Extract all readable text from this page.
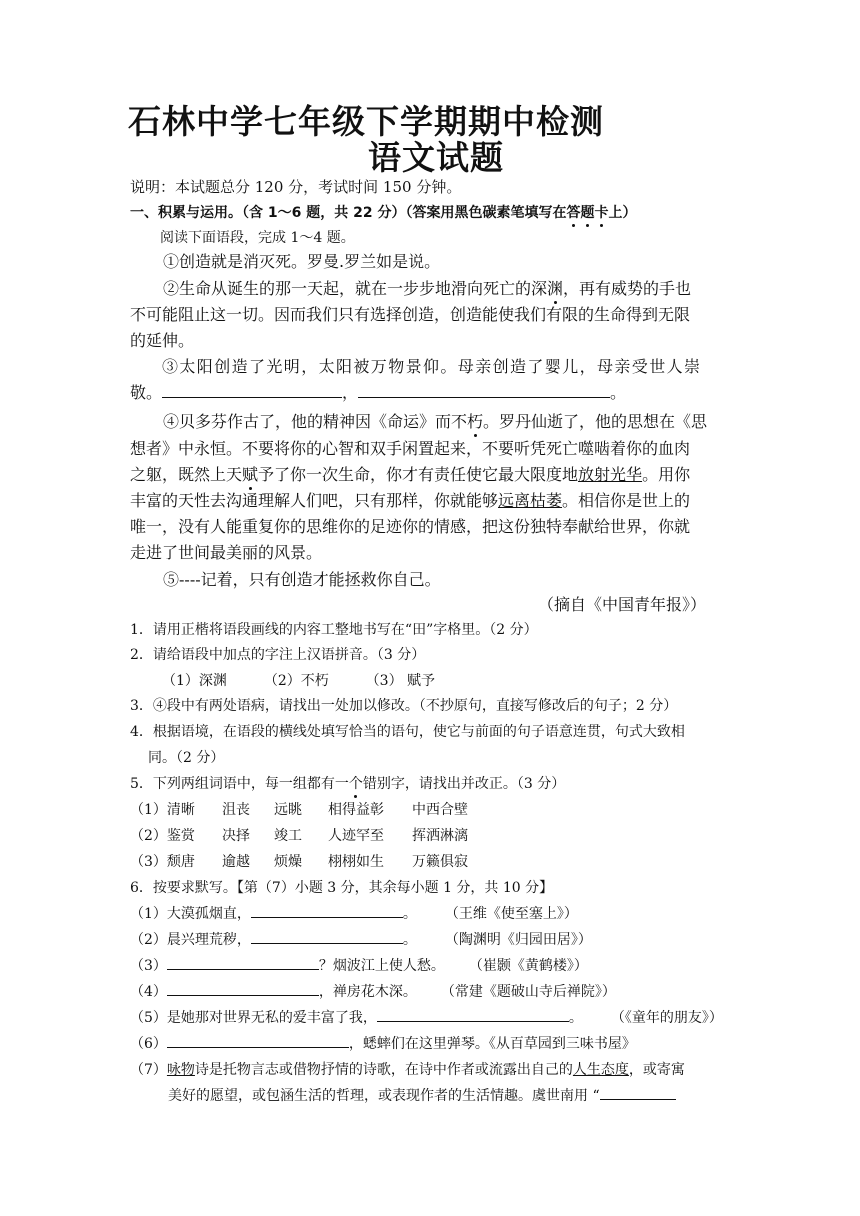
石林中学七年级下学期期中检测
语文试题
说明：本试题总分 120 分，考试时间 150 分钟。
一、积累与运用。（含 1～6 题，共 22 分）（答案用黑色碳素笔填写在答题卡上）
阅读下面语段，完成 1～4 题。
①创造就是消灭死。罗曼.罗兰如是说。
②生命从诞生的那一天起，就在一步步地滑向死亡的深渊，再有威势的手也
不可能阻止这一切。因而我们只有选择创造，创造能使我们有限的生命得到无限
的延伸。
③太阳创造了光明，太阳被万物景仰。母亲创造了婴儿，母亲受世人崇
敬。	，	。
④贝多芬作古了，他的精神因《命运》而不朽。罗丹仙逝了，他的思想在《思
想者》中永恒。不要将你的心智和双手闲置起来，不要听凭死亡噬啮着你的血肉
之躯，既然上天赋予了你一次生命，你才有责任使它最大限度地放射光华。用你
丰富的天性去沟通理解人们吧，只有那样，你就能够远离枯萎。相信你是世上的
唯一，没有人能重复你的思维你的足迹你的情感，把这份独特奉献给世界，你就
走进了世间最美丽的风景。
⑤----记着，只有创造才能拯救你自己。
（摘自《中国青年报》）
1．请用正楷将语段画线的内容工整地书写在“田”字格里。（2 分）
2．请给语段中加点的字注上汉语拼音。（3 分）
（1）深渊	（2）不朽	（3） 赋予
3．④段中有两处语病，请找出一处加以修改。（不抄原句，直接写修改后的句子；2 分）
4．根据语境，在语段的横线处填写恰当的语句，使它与前面的句子语意连贯，句式大致相
同。（2 分）
5．下列两组词语中，每一组都有一个错别字，请找出并改正。（3 分）
（1）清晰 沮丧 远眺 相得益彰 中西合壁
（2）鉴赏 决择 竣工 人迹罕至 挥洒淋漓
（3）颓唐 逾越 烦燥 栩栩如生 万籁俱寂
6．按要求默写。【第（7）小题 3 分，其余每小题 1 分，共 10 分】
（1）大漠孤烟直，	。 （王维《使至塞上》）
（2）晨兴理荒秽，	。 （陶渊明《归园田居》）
（3）	？烟波江上使人愁。 （崔颢《黄鹤楼》）
（4）	，禅房花木深。 （常建《题破山寺后禅院》）
（5）是她那对世界无私的爱丰富了我，	。 （《童年的朋友》）
（6）	，蟋蟀们在这里弹琴。《从百草园到三味书屋》
（7）咏物诗是托物言志或借物抒情的诗歌，在诗中作者或流露出自己的人生态度，或寄寓
美好的愿望，或包涵生活的哲理，或表现作者的生活情趣。虞世南用 “
